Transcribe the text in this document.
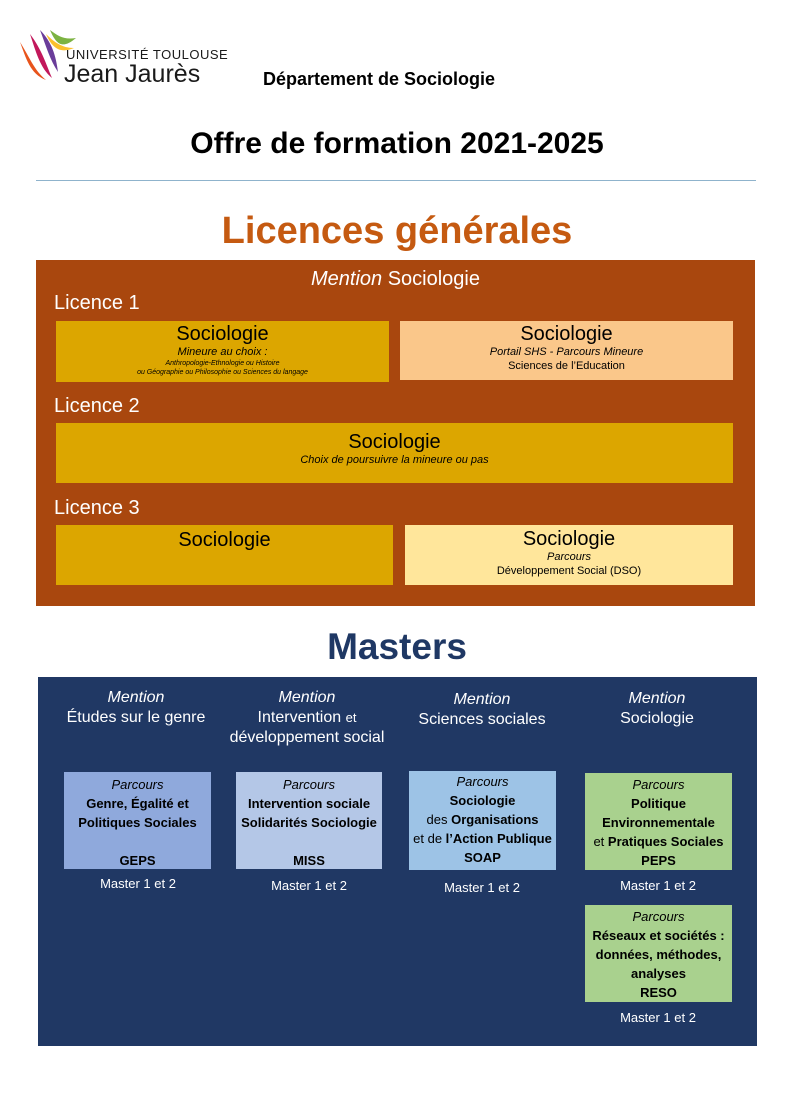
UNIVERSITÉ TOULOUSE
Jean Jaurès	Département de Sociologie
Offre de formation 2021-2025
Licences générales
Mention Sociologie
Licence 1
Sociologie
Mineure au choix :
Anthropologie-Ethnologie ou Histoire
ou Géographie ou Philosophie ou Sciences du langage
Sociologie
Portail SHS - Parcours Mineure
Sciences de l’Education
Licence 2
Sociologie
Choix de poursuivre la mineure ou pas
Licence 3
Sociologie	Sociologie
Parcours
Développement Social (DSO)
Masters
Mention
Études sur le genre
Mention
Intervention et
développement social
Mention
Sciences sociales
Mention
Sociologie
Parcours
Genre, Égalité et
Politiques Sociales
GEPS
Master 1 et 2
Parcours
Intervention sociale
Solidarités Sociologie
MISS
Master 1 et 2
Parcours
Sociologie
des Organisations
et de l’Action Publique
SOAP
Master 1 et 2
Parcours
Politique
Environnementale
et Pratiques Sociales
PEPS
Master 1 et 2
Parcours
Réseaux et sociétés :
données, méthodes,
analyses
RESO
Master 1 et 2
